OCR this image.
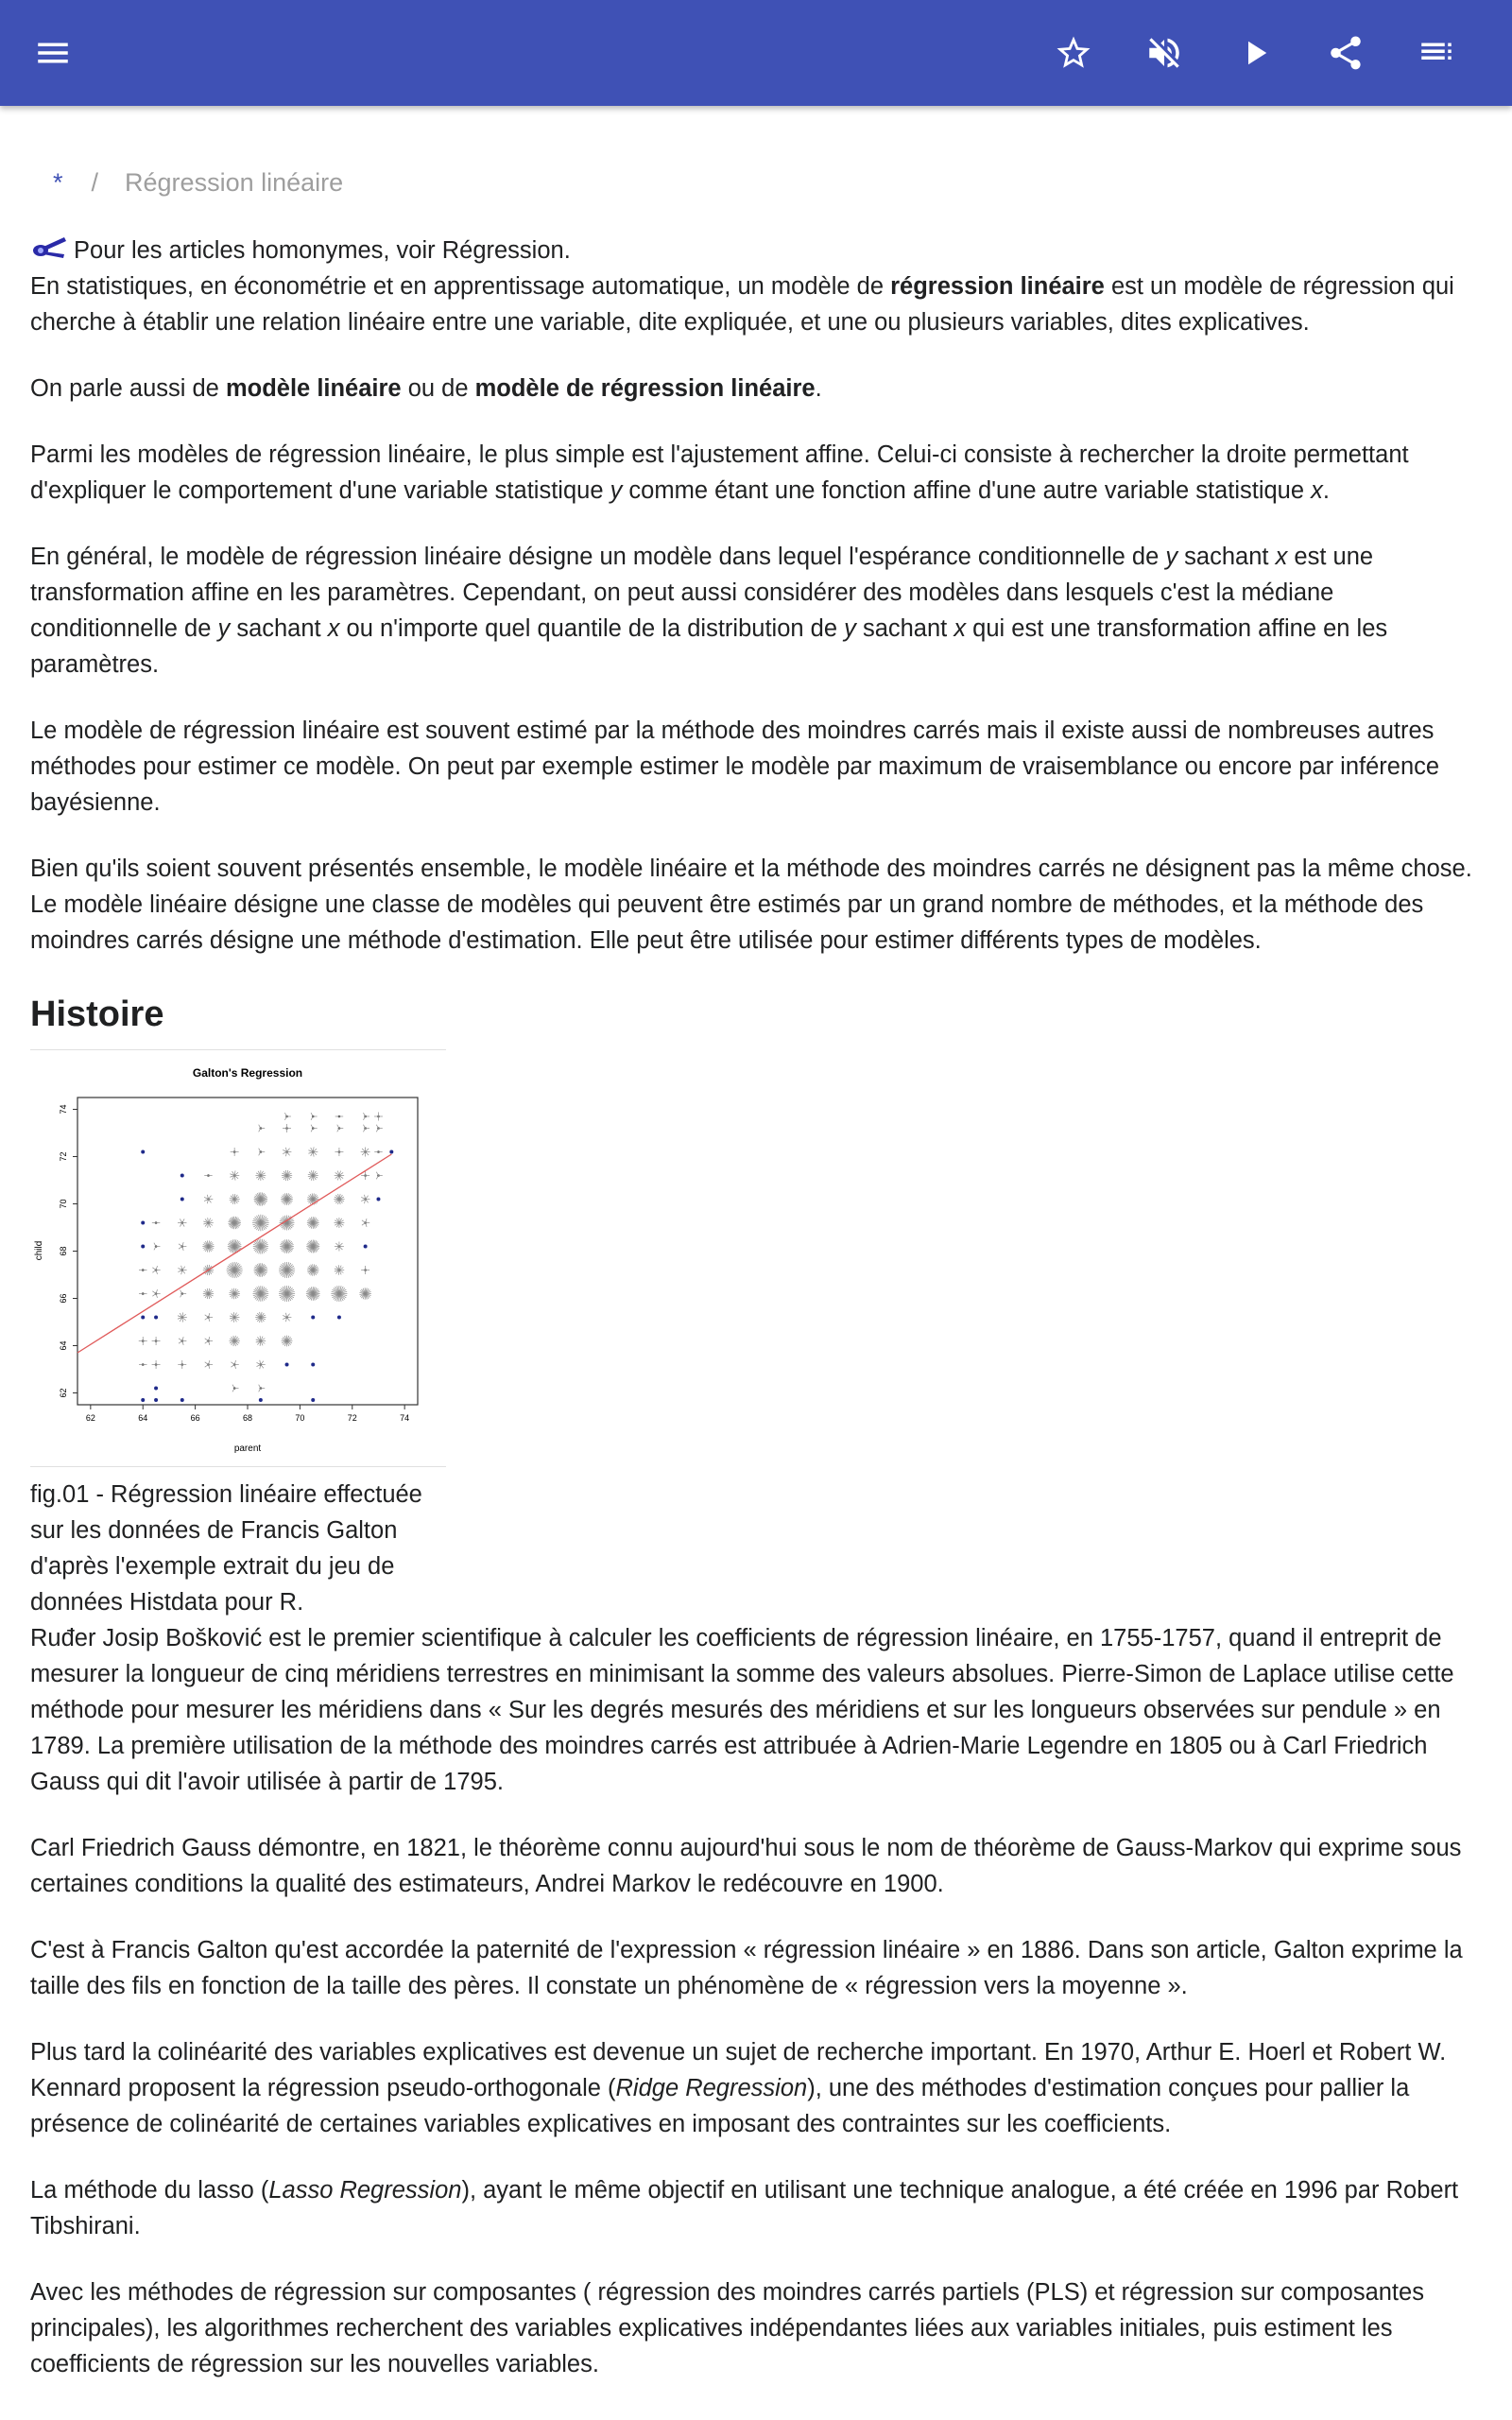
* / Régression linéaire
Pour les articles homonymes, voir Régression.

En statistiques, en économétrie et en apprentissage automatique, un modèle de régression linéaire est un modèle de régression qui cherche à établir une relation linéaire entre une variable, dite expliquée, et une ou plusieurs variables, dites explicatives.

On parle aussi de modèle linéaire ou de modèle de régression linéaire.

Parmi les modèles de régression linéaire, le plus simple est l'ajustement affine. Celui-ci consiste à rechercher la droite permettant d'expliquer le comportement d'une variable statistique y comme étant une fonction affine d'une autre variable statistique x.

En général, le modèle de régression linéaire désigne un modèle dans lequel l'espérance conditionnelle de y sachant x est une transformation affine en les paramètres. Cependant, on peut aussi considérer des modèles dans lesquels c'est la médiane conditionnelle de y sachant x ou n'importe quel quantile de la distribution de y sachant x qui est une transformation affine en les paramètres.

Le modèle de régression linéaire est souvent estimé par la méthode des moindres carrés mais il existe aussi de nombreuses autres méthodes pour estimer ce modèle. On peut par exemple estimer le modèle par maximum de vraisemblance ou encore par inférence bayésienne.

Bien qu'ils soient souvent présentés ensemble, le modèle linéaire et la méthode des moindres carrés ne désignent pas la même chose. Le modèle linéaire désigne une classe de modèles qui peuvent être estimés par un grand nombre de méthodes, et la méthode des moindres carrés désigne une méthode d'estimation. Elle peut être utilisée pour estimer différents types de modèles.

Histoire
Galton's Regression
62	64	66	68	70	72	74
62
64
66
68
70
72
74
parent
child
fig.01 - Régression linéaire effectuée sur les données de Francis Galton d'après l'exemple extrait du jeu de données Histdata pour R.

Ruđer Josip Bošković est le premier scientifique à calculer les coefficients de régression linéaire, en 1755-1757, quand il entreprit de mesurer la longueur de cinq méridiens terrestres en minimisant la somme des valeurs absolues. Pierre-Simon de Laplace utilise cette méthode pour mesurer les méridiens dans « Sur les degrés mesurés des méridiens et sur les longueurs observées sur pendule » en 1789. La première utilisation de la méthode des moindres carrés est attribuée à Adrien-Marie Legendre en 1805 ou à Carl Friedrich Gauss qui dit l'avoir utilisée à partir de 1795.

Carl Friedrich Gauss démontre, en 1821, le théorème connu aujourd'hui sous le nom de théorème de Gauss-Markov qui exprime sous certaines conditions la qualité des estimateurs, Andrei Markov le redécouvre en 1900.

C'est à Francis Galton qu'est accordée la paternité de l'expression « régression linéaire » en 1886. Dans son article, Galton exprime la taille des fils en fonction de la taille des pères. Il constate un phénomène de « régression vers la moyenne ».

Plus tard la colinéarité des variables explicatives est devenue un sujet de recherche important. En 1970, Arthur E. Hoerl et Robert W. Kennard proposent la régression pseudo-orthogonale (Ridge Regression), une des méthodes d'estimation conçues pour pallier la présence de colinéarité de certaines variables explicatives en imposant des contraintes sur les coefficients.

La méthode du lasso (Lasso Regression), ayant le même objectif en utilisant une technique analogue, a été créée en 1996 par Robert Tibshirani.

Avec les méthodes de régression sur composantes ( régression des moindres carrés partiels (PLS) et régression sur composantes principales), les algorithmes recherchent des variables explicatives indépendantes liées aux variables initiales, puis estiment les coefficients de régression sur les nouvelles variables.
